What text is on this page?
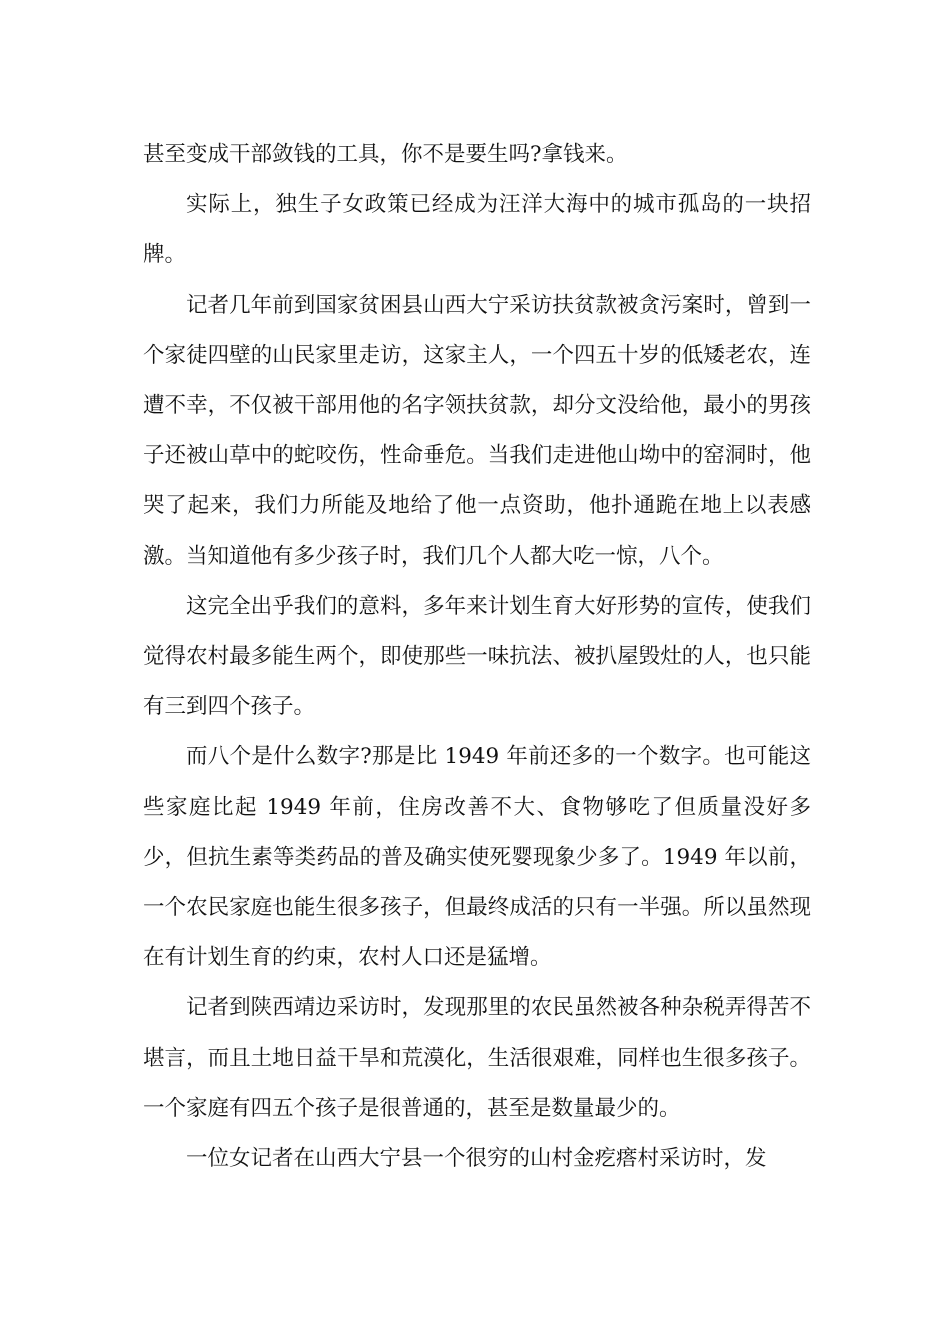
甚至变成干部敛钱的工具，你不是要生吗?拿钱来。

实际上，独生子女政策已经成为汪洋大海中的城市孤岛的一块招牌。

记者几年前到国家贫困县山西大宁采访扶贫款被贪污案时，曾到一个家徒四壁的山民家里走访，这家主人，一个四五十岁的低矮老农，连遭不幸，不仅被干部用他的名字领扶贫款，却分文没给他，最小的男孩子还被山草中的蛇咬伤，性命垂危。当我们走进他山坳中的窑洞时，他哭了起来，我们力所能及地给了他一点资助，他扑通跪在地上以表感激。当知道他有多少孩子时，我们几个人都大吃一惊，八个。

这完全出乎我们的意料，多年来计划生育大好形势的宣传，使我们觉得农村最多能生两个，即使那些一味抗法、被扒屋毁灶的人，也只能有三到四个孩子。

而八个是什么数字?那是比 1949 年前还多的一个数字。也可能这些家庭比起 1949 年前，住房改善不大、食物够吃了但质量没好多少，但抗生素等类药品的普及确实使死婴现象少多了。1949 年以前，一个农民家庭也能生很多孩子，但最终成活的只有一半强。所以虽然现在有计划生育的约束，农村人口还是猛增。

记者到陕西靖边采访时，发现那里的农民虽然被各种杂税弄得苦不堪言，而且土地日益干旱和荒漠化，生活很艰难，同样也生很多孩子。一个家庭有四五个孩子是很普通的，甚至是数量最少的。

一位女记者在山西大宁县一个很穷的山村金疙瘩村采访时，发
